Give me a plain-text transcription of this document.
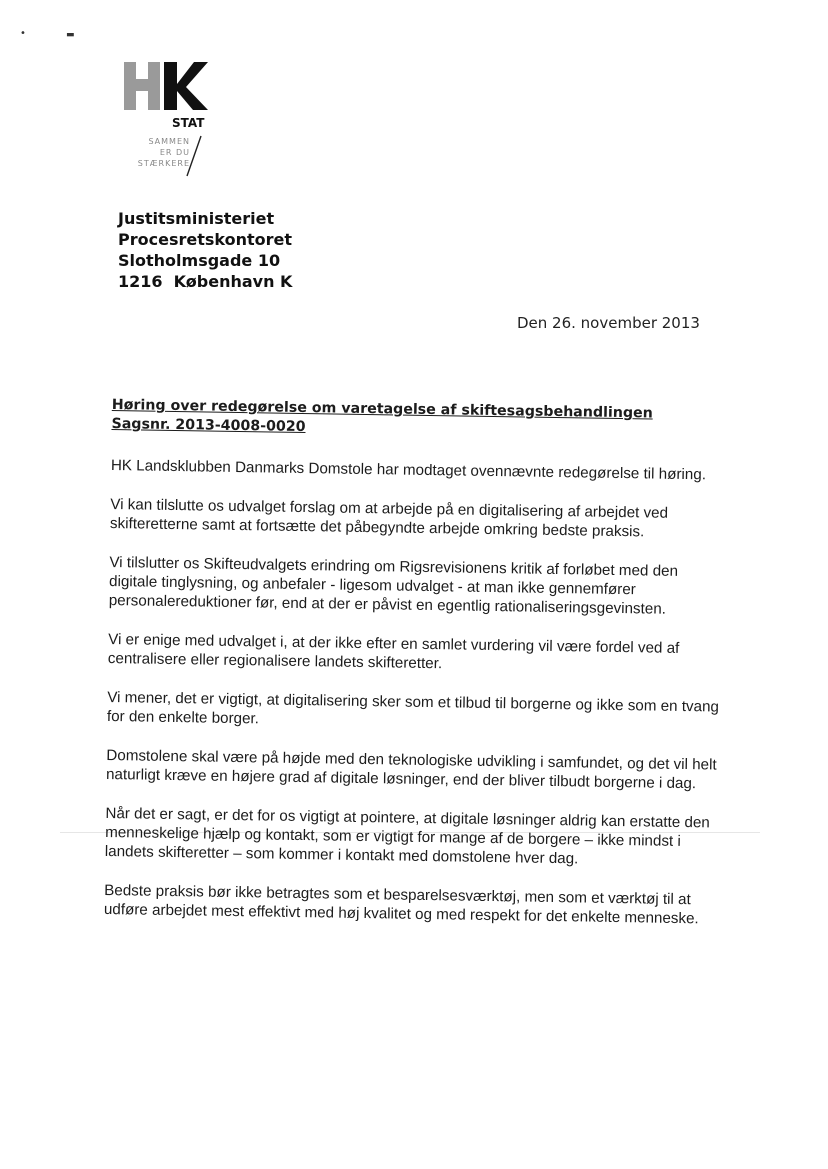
•	▬
STAT
SAMMEN
ER DU
STÆRKERE
Justitsministeriet
Procesretskontoret
Slotholmsgade 10
1216  København K
Den 26. november 2013
Høring over redegørelse om varetagelse af skiftesagsbehandlingen
Sagsnr. 2013-4008-0020

HK Landsklubben Danmarks Domstole har modtaget ovennævnte redegørelse til høring.

Vi kan tilslutte os udvalget forslag om at arbejde på en digitalisering af arbejdet ved skifteretterne samt at fortsætte det påbegyndte arbejde omkring bedste praksis.

Vi tilslutter os Skifteudvalgets erindring om Rigsrevisionens kritik af forløbet med den digitale tinglysning, og anbefaler - ligesom udvalget - at man ikke gennemfører personalereduktioner før, end at der er påvist en egentlig rationaliseringsgevinsten.

Vi er enige med udvalget i, at der ikke efter en samlet vurdering vil være fordel ved af centralisere eller regionalisere landets skifteretter.

Vi mener, det er vigtigt, at digitalisering sker som et tilbud til borgerne og ikke som en tvang for den enkelte borger.

Domstolene skal være på højde med den teknologiske udvikling i samfundet, og det vil helt naturligt kræve en højere grad af digitale løsninger, end der bliver tilbudt borgerne i dag.

Når det er sagt, er det for os vigtigt at pointere, at digitale løsninger aldrig kan erstatte den menneskelige hjælp og kontakt, som er vigtigt for mange af de borgere – ikke mindst i landets skifteretter – som kommer i kontakt med domstolene hver dag.

Bedste praksis bør ikke betragtes som et besparelsesværktøj, men som et værktøj til at udføre arbejdet mest effektivt med høj kvalitet og med respekt for det enkelte menneske.
